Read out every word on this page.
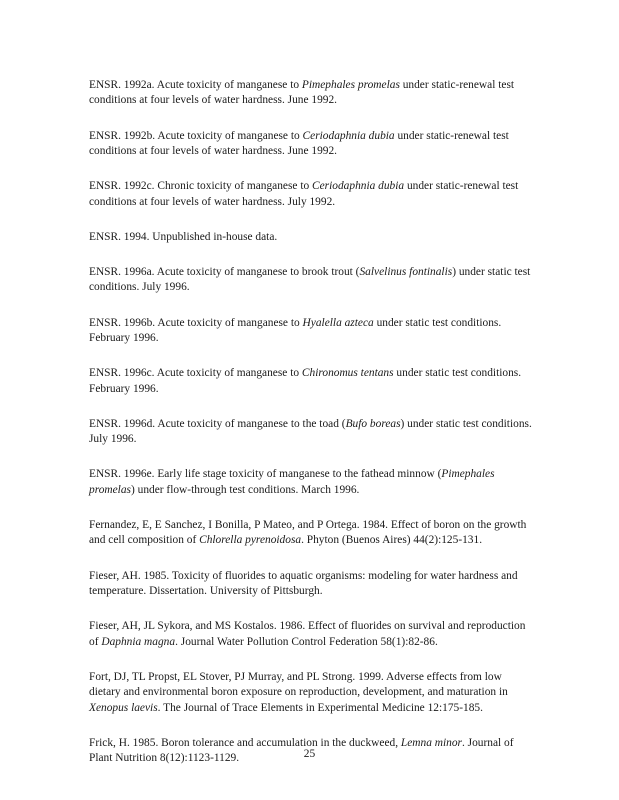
ENSR. 1992a. Acute toxicity of manganese to Pimephales promelas under static-renewal test conditions at four levels of water hardness. June 1992.

ENSR. 1992b. Acute toxicity of manganese to Ceriodaphnia dubia under static-renewal test conditions at four levels of water hardness. June 1992.

ENSR. 1992c. Chronic toxicity of manganese to Ceriodaphnia dubia under static-renewal test conditions at four levels of water hardness. July 1992.

ENSR. 1994. Unpublished in-house data.

ENSR. 1996a. Acute toxicity of manganese to brook trout (Salvelinus fontinalis) under static test conditions. July 1996.

ENSR. 1996b. Acute toxicity of manganese to Hyalella azteca under static test conditions. February 1996.

ENSR. 1996c. Acute toxicity of manganese to Chironomus tentans under static test conditions. February 1996.

ENSR. 1996d. Acute toxicity of manganese to the toad (Bufo boreas) under static test conditions. July 1996.

ENSR. 1996e. Early life stage toxicity of manganese to the fathead minnow (Pimephales promelas) under flow-through test conditions. March 1996.

Fernandez, E, E Sanchez, I Bonilla, P Mateo, and P Ortega. 1984. Effect of boron on the growth and cell composition of Chlorella pyrenoidosa. Phyton (Buenos Aires) 44(2):125-131.

Fieser, AH. 1985. Toxicity of fluorides to aquatic organisms: modeling for water hardness and temperature. Dissertation. University of Pittsburgh.

Fieser, AH, JL Sykora, and MS Kostalos. 1986. Effect of fluorides on survival and reproduction of Daphnia magna. Journal Water Pollution Control Federation 58(1):82-86.

Fort, DJ, TL Propst, EL Stover, PJ Murray, and PL Strong. 1999. Adverse effects from low dietary and environmental boron exposure on reproduction, development, and maturation in Xenopus laevis. The Journal of Trace Elements in Experimental Medicine 12:175-185.

Frick, H. 1985. Boron tolerance and accumulation in the duckweed, Lemna minor. Journal of Plant Nutrition 8(12):1123-1129.	25
